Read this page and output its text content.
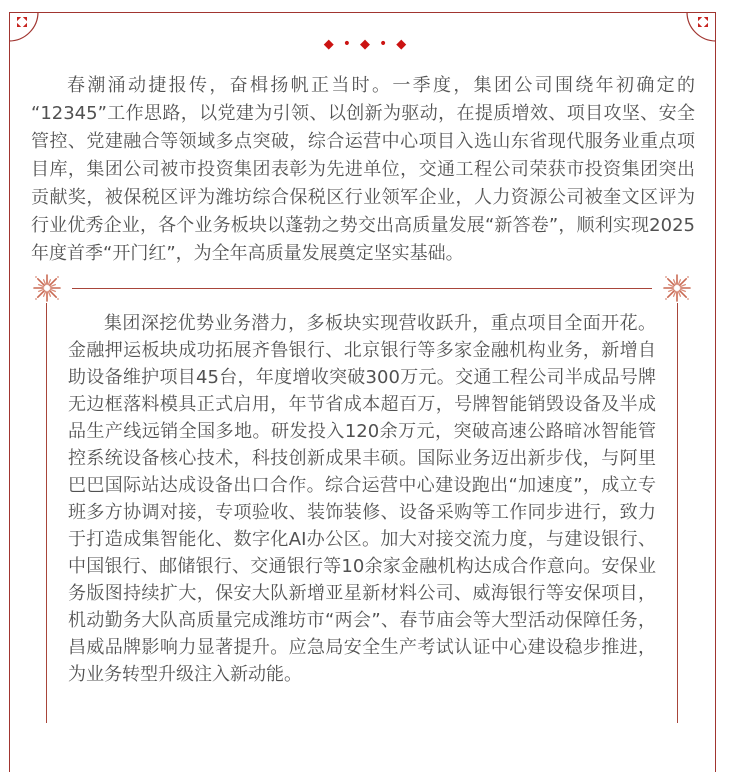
◆ • ◆ • ◆

春潮涌动捷报传，奋楫扬帆正当时。一季度，集团公司围绕年初确定的“12345”工作思路，以党建为引领、以创新为驱动，在提质增效、项目攻坚、安全管控、党建融合等领域多点突破，综合运营中心项目入选山东省现代服务业重点项目库，集团公司被市投资集团表彰为先进单位，交通工程公司荣获市投资集团突出贡献奖，被保税区评为潍坊综合保税区行业领军企业，人力资源公司被奎文区评为行业优秀企业，各个业务板块以蓬勃之势交出高质量发展“新答卷”，顺利实现2025年度首季“开门红”，为全年高质量发展奠定坚实基础。

集团深挖优势业务潜力，多板块实现营收跃升，重点项目全面开花。金融押运板块成功拓展齐鲁银行、北京银行等多家金融机构业务，新增自助设备维护项目45台，年度增收突破300万元。交通工程公司半成品号牌无边框落料模具正式启用，年节省成本超百万，号牌智能销毁设备及半成品生产线远销全国多地。研发投入120余万元，突破高速公路暗冰智能管控系统设备核心技术，科技创新成果丰硕。国际业务迈出新步伐，与阿里巴巴国际站达成设备出口合作。综合运营中心建设跑出“加速度”，成立专班多方协调对接，专项验收、装饰装修、设备采购等工作同步进行，致力于打造成集智能化、数字化AI办公区。加大对接交流力度，与建设银行、中国银行、邮储银行、交通银行等10余家金融机构达成合作意向。安保业务版图持续扩大，保安大队新增亚星新材料公司、威海银行等安保项目，机动勤务大队高质量完成潍坊市“两会”、春节庙会等大型活动保障任务，昌威品牌影响力显著提升。应急局安全生产考试认证中心建设稳步推进，为业务转型升级注入新动能。
